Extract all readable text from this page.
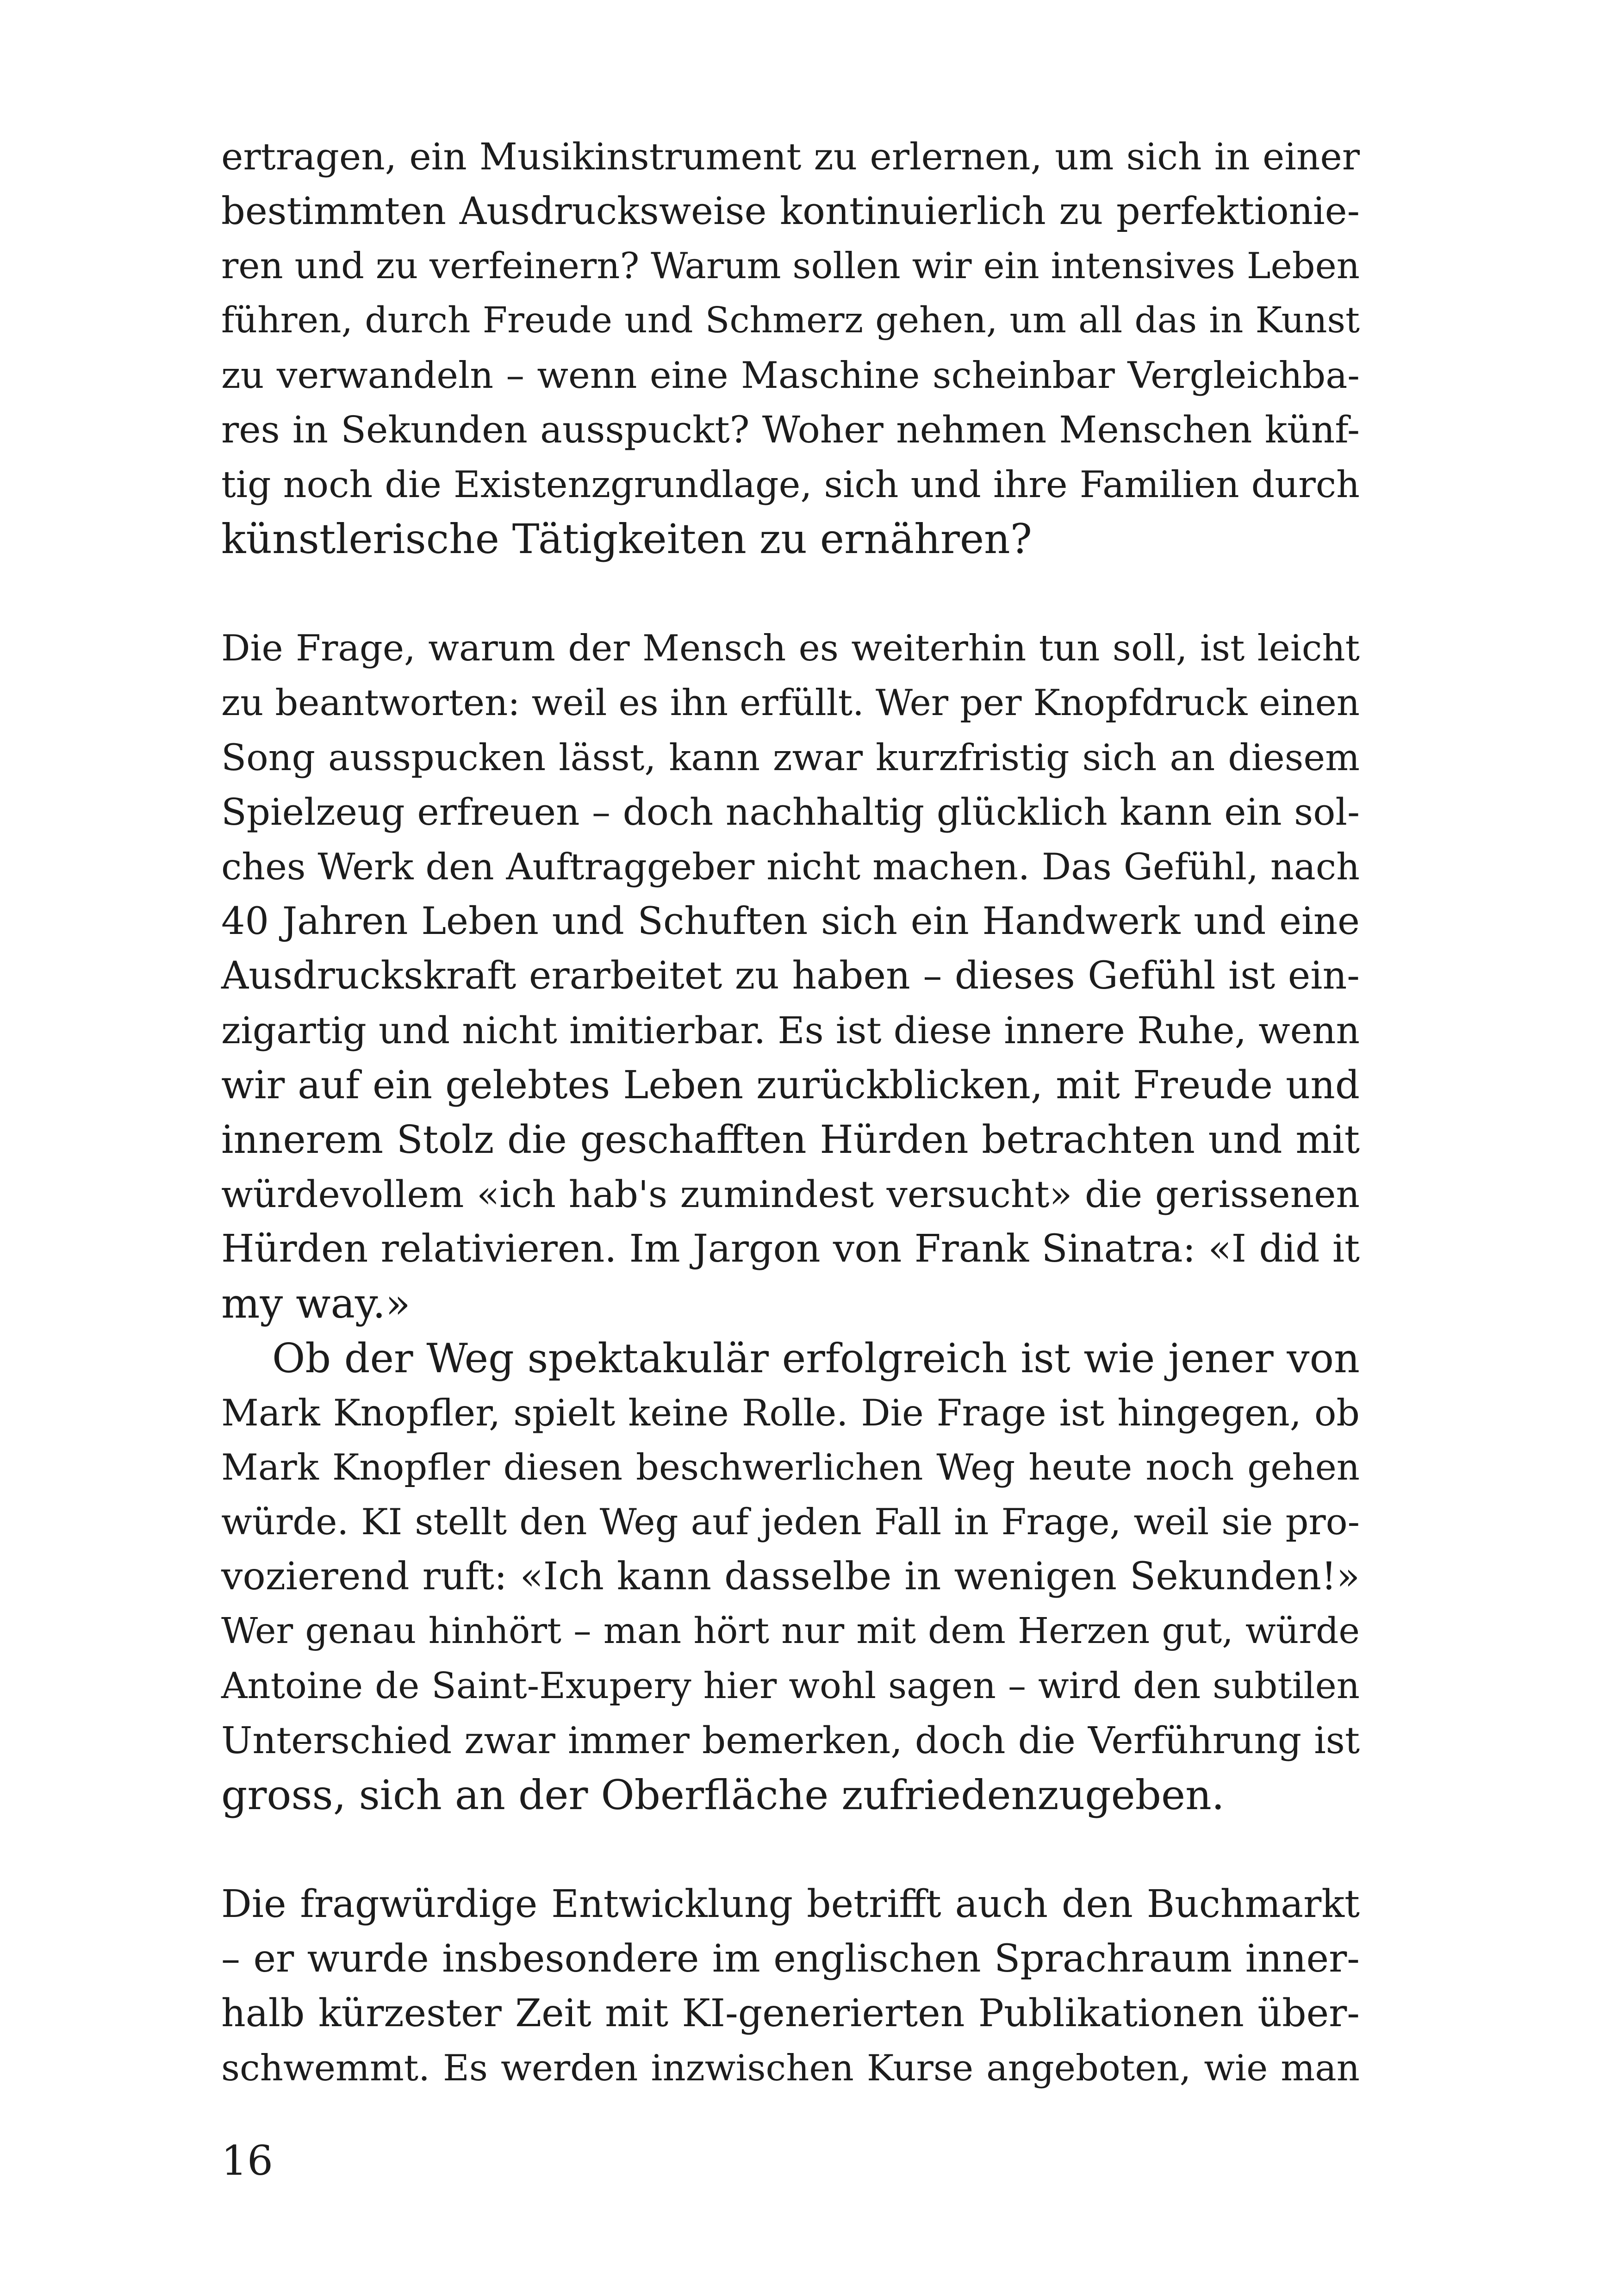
ertragen, ein Musikinstrument zu erlernen, um sich in einer
bestimmten Ausdrucksweise kontinuierlich zu perfektionie-
ren und zu verfeinern? Warum sollen wir ein intensives Leben
führen, durch Freude und Schmerz gehen, um all das in Kunst
zu verwandeln – wenn eine Maschine scheinbar Vergleichba-
res in Sekunden ausspuckt? Woher nehmen Menschen künf-
tig noch die Existenzgrundlage, sich und ihre Familien durch
künstlerische Tätigkeiten zu ernähren?
Die Frage, warum der Mensch es weiterhin tun soll, ist leicht
zu beantworten: weil es ihn erfüllt. Wer per Knopfdruck einen
Song ausspucken lässt, kann zwar kurzfristig sich an diesem
Spielzeug erfreuen – doch nachhaltig glücklich kann ein sol-
ches Werk den Auftraggeber nicht machen. Das Gefühl, nach
40 Jahren Leben und Schuften sich ein Handwerk und eine
Ausdruckskraft erarbeitet zu haben – dieses Gefühl ist ein-
zigartig und nicht imitierbar. Es ist diese innere Ruhe, wenn
wir auf ein gelebtes Leben zurückblicken, mit Freude und
innerem Stolz die geschafften Hürden betrachten und mit
würdevollem «ich hab's zumindest versucht» die gerissenen
Hürden relativieren. Im Jargon von Frank Sinatra: «I did it
my way.»
Ob der Weg spektakulär erfolgreich ist wie jener von
Mark Knopfler, spielt keine Rolle. Die Frage ist hingegen, ob
Mark Knopfler diesen beschwerlichen Weg heute noch gehen
würde. KI stellt den Weg auf jeden Fall in Frage, weil sie pro-
vozierend ruft: «Ich kann dasselbe in wenigen Sekunden!»
Wer genau hinhört – man hört nur mit dem Herzen gut, würde
Antoine de Saint-Exupery hier wohl sagen – wird den subtilen
Unterschied zwar immer bemerken, doch die Verführung ist
gross, sich an der Oberfläche zufriedenzugeben.
Die fragwürdige Entwicklung betrifft auch den Buchmarkt
– er wurde insbesondere im englischen Sprachraum inner-
halb kürzester Zeit mit KI-generierten Publikationen über-
schwemmt. Es werden inzwischen Kurse angeboten, wie man
16
